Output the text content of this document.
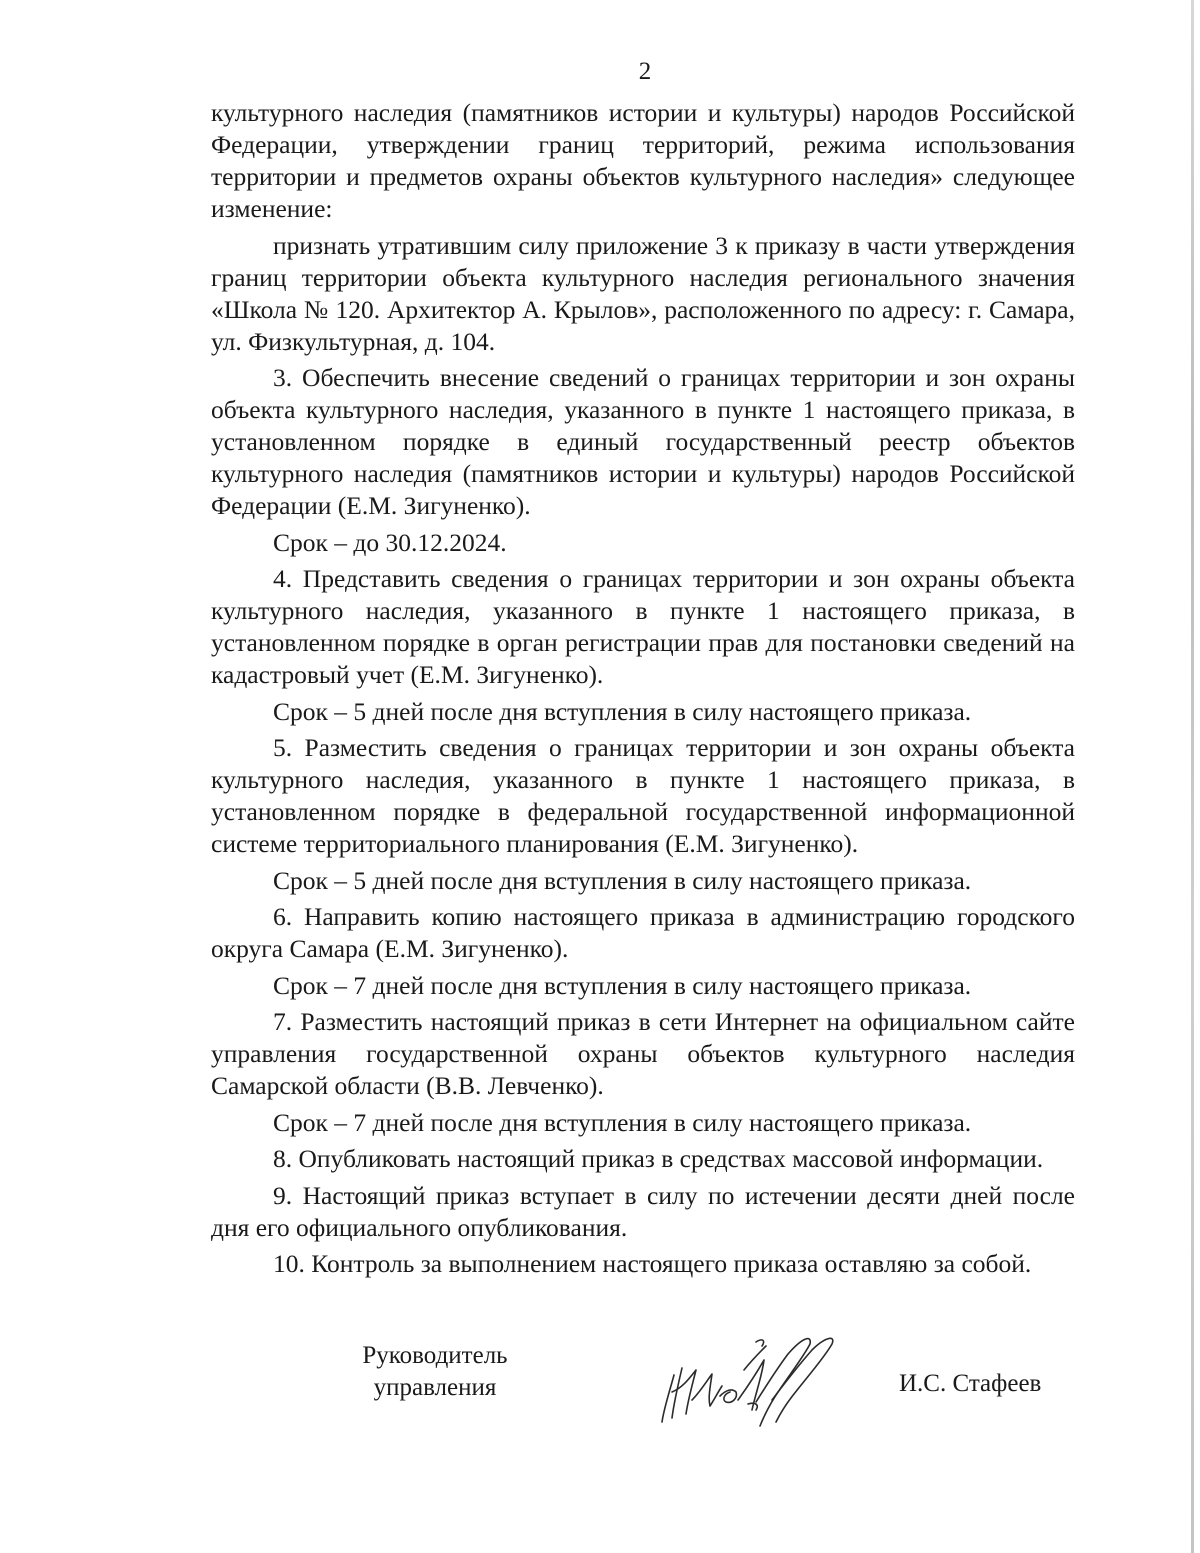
2

культурного наследия (памятников истории и культуры) народов Российской Федерации, утверждении границ территорий, режима использования территории и предметов охраны объектов культурного наследия» следующее изменение:

признать утратившим силу приложение 3 к приказу в части утверждения границ территории объекта культурного наследия регионального значения «Школа № 120. Архитектор А. Крылов», расположенного по адресу: г. Самара, ул. Физкультурная, д. 104.

3. Обеспечить внесение сведений о границах территории и зон охраны объекта культурного наследия, указанного в пункте 1 настоящего приказа, в установленном порядке в единый государственный реестр объектов культурного наследия (памятников истории и культуры) народов Российской Федерации (Е.М. Зигуненко).

Срок – до 30.12.2024.

4. Представить сведения о границах территории и зон охраны объекта культурного наследия, указанного в пункте 1 настоящего приказа, в установленном порядке в орган регистрации прав для постановки сведений на кадастровый учет (Е.М. Зигуненко).

Срок – 5 дней после дня вступления в силу настоящего приказа.

5. Разместить сведения о границах территории и зон охраны объекта культурного наследия, указанного в пункте 1 настоящего приказа, в установленном порядке в федеральной государственной информационной системе территориального планирования (Е.М. Зигуненко).

Срок – 5 дней после дня вступления в силу настоящего приказа.

6. Направить копию настоящего приказа в администрацию городского округа Самара (Е.М. Зигуненко).

Срок – 7 дней после дня вступления в силу настоящего приказа.

7. Разместить настоящий приказ в сети Интернет на официальном сайте управления государственной охраны объектов культурного наследия Самарской области (В.В. Левченко).

Срок – 7 дней после дня вступления в силу настоящего приказа.

8. Опубликовать настоящий приказ в средствах массовой информации.

9. Настоящий приказ вступает в силу по истечении десяти дней после дня его официального опубликования.

10. Контроль за выполнением настоящего приказа оставляю за собой.

Руководитель
управления	И.С. Стафеев
